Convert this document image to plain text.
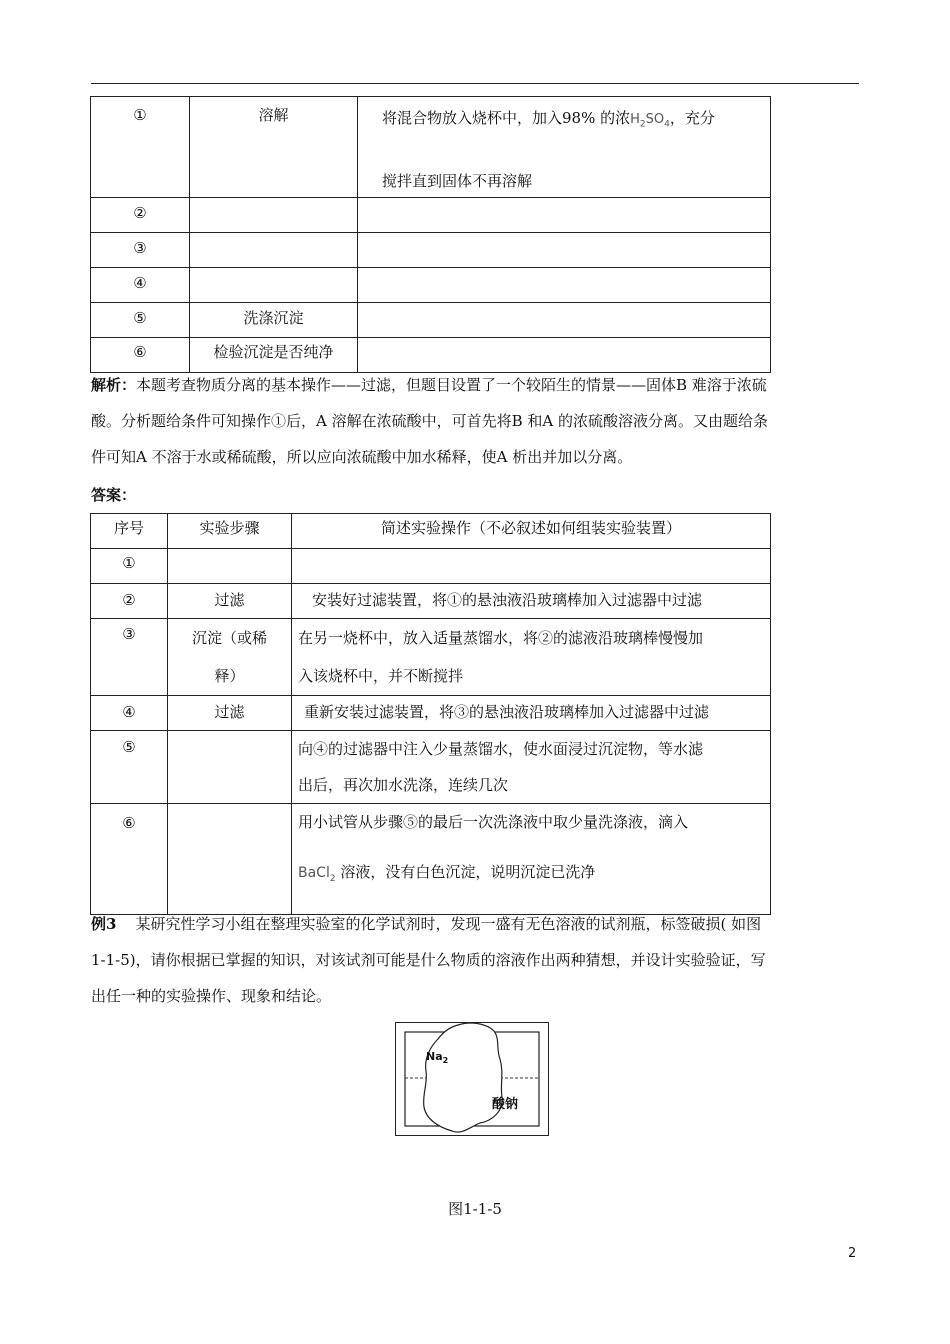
①	溶解	将混合物放入烧杯中，加入98% 的浓$H_2SO_4$，充分
搅拌直到固体不再溶解
②		
③		
④		
⑤	洗涤沉淀	
⑥	检验沉淀是否纯净	
解析：本题考查物质分离的基本操作——过滤，但题目设置了一个较陌生的情景——固体B 难溶于浓硫
酸。分析题给条件可知操作①后，A 溶解在浓硫酸中，可首先将B 和A 的浓硫酸溶液分离。又由题给条
件可知A 不溶于水或稀硫酸，所以应向浓硫酸中加水稀释，使A 析出并加以分离。
答案：
序号	实验步骤	简述实验操作（不必叙述如何组装实验装置）
①		
②	过滤	安装好过滤装置，将①的悬浊液沿玻璃棒加入过滤器中过滤
③	沉淀（或稀
释）	在另一烧杯中，放入适量蒸馏水，将②的滤液沿玻璃棒慢慢加
入该烧杯中，并不断搅拌
④	过滤	重新安装过滤装置，将③的悬浊液沿玻璃棒加入过滤器中过滤
⑤		向④的过滤器中注入少量蒸馏水，使水面浸过沉淀物，等水滤
出后，再次加水洗涤，连续几次
⑥		用小试管从步骤⑤的最后一次洗涤液中取少量洗涤液，滴入
BaCl$_2$ 溶液，没有白色沉淀，说明沉淀已洗净
例3 某研究性学习小组在整理实验室的化学试剂时，发现一盛有无色溶液的试剂瓶，标签破损( 如图
1-1-5)，请你根据已掌握的知识，对该试剂可能是什么物质的溶液作出两种猜想，并设计实验验证，写
出任一种的实验操作、现象和结论。
$Na_2$
酸钠
图1-1-5
2
